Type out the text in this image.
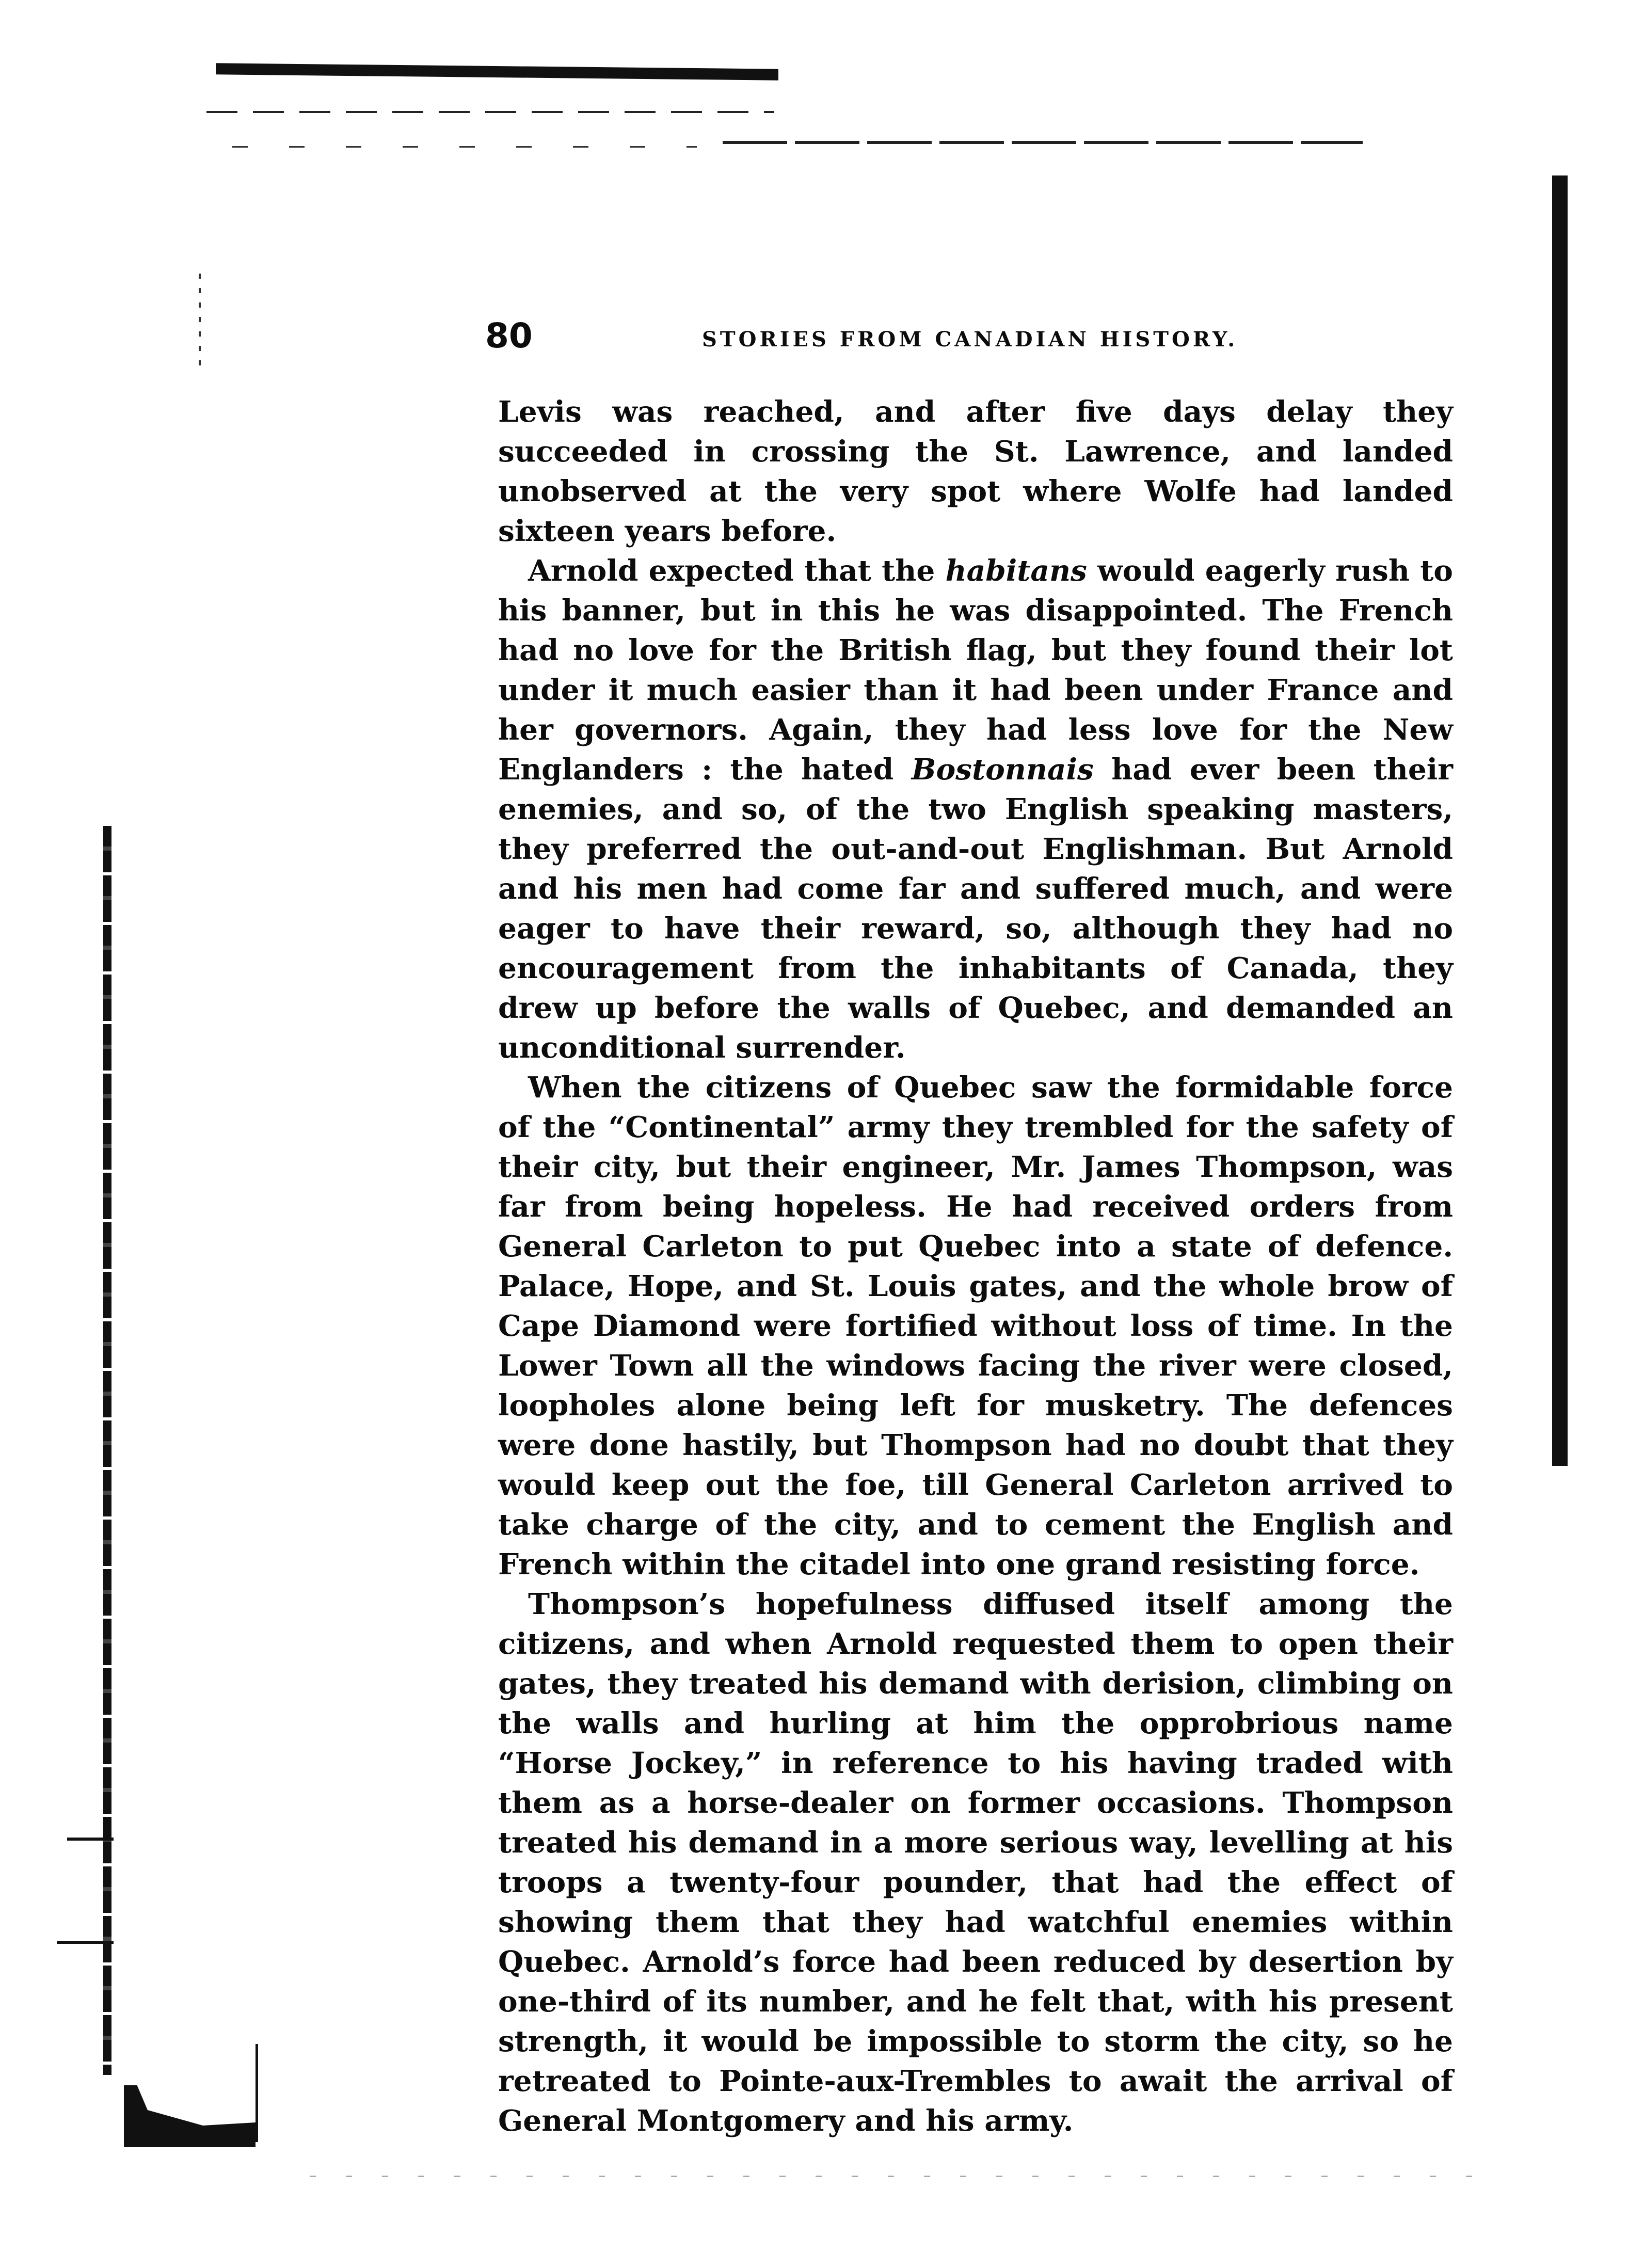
80	STORIES FROM CANADIAN HISTORY.

Levis was reached, and after five days delay they succeeded in crossing the St. Lawrence, and landed unobserved at the very spot where Wolfe had landed sixteen years before.

Arnold expected that the habitans would eagerly rush to his banner, but in this he was disappointed. The French had no love for the British flag, but they found their lot under it much easier than it had been under France and her governors. Again, they had less love for the New Englanders : the hated Bostonnais had ever been their enemies, and so, of the two English speaking masters, they preferred the out-and-out Englishman. But Arnold and his men had come far and suffered much, and were eager to have their reward, so, although they had no encouragement from the inhabitants of Canada, they drew up before the walls of Quebec, and demanded an unconditional surrender.

When the citizens of Quebec saw the formidable force of the “Continental” army they trembled for the safety of their city, but their engineer, Mr. James Thompson, was far from being hopeless. He had received orders from General Carleton to put Quebec into a state of defence. Palace, Hope, and St. Louis gates, and the whole brow of Cape Diamond were fortified without loss of time. In the Lower Town all the windows facing the river were closed, loopholes alone being left for musketry. The defences were done hastily, but Thompson had no doubt that they would keep out the foe, till General Carleton arrived to take charge of the city, and to cement the English and French within the citadel into one grand resisting force.

Thompson’s hopefulness diffused itself among the citizens, and when Arnold requested them to open their gates, they treated his demand with derision, climbing on the walls and hurling at him the opprobrious name “Horse Jockey,” in reference to his having traded with them as a horse-dealer on former occasions. Thompson treated his demand in a more serious way, levelling at his troops a twenty-four pounder, that had the effect of showing them that they had watchful enemies within Quebec. Arnold’s force had been reduced by desertion by one-third of its number, and he felt that, with his present strength, it would be impossible to storm the city, so he retreated to Pointe-aux-Trembles to await the arrival of General Montgomery and his army.
